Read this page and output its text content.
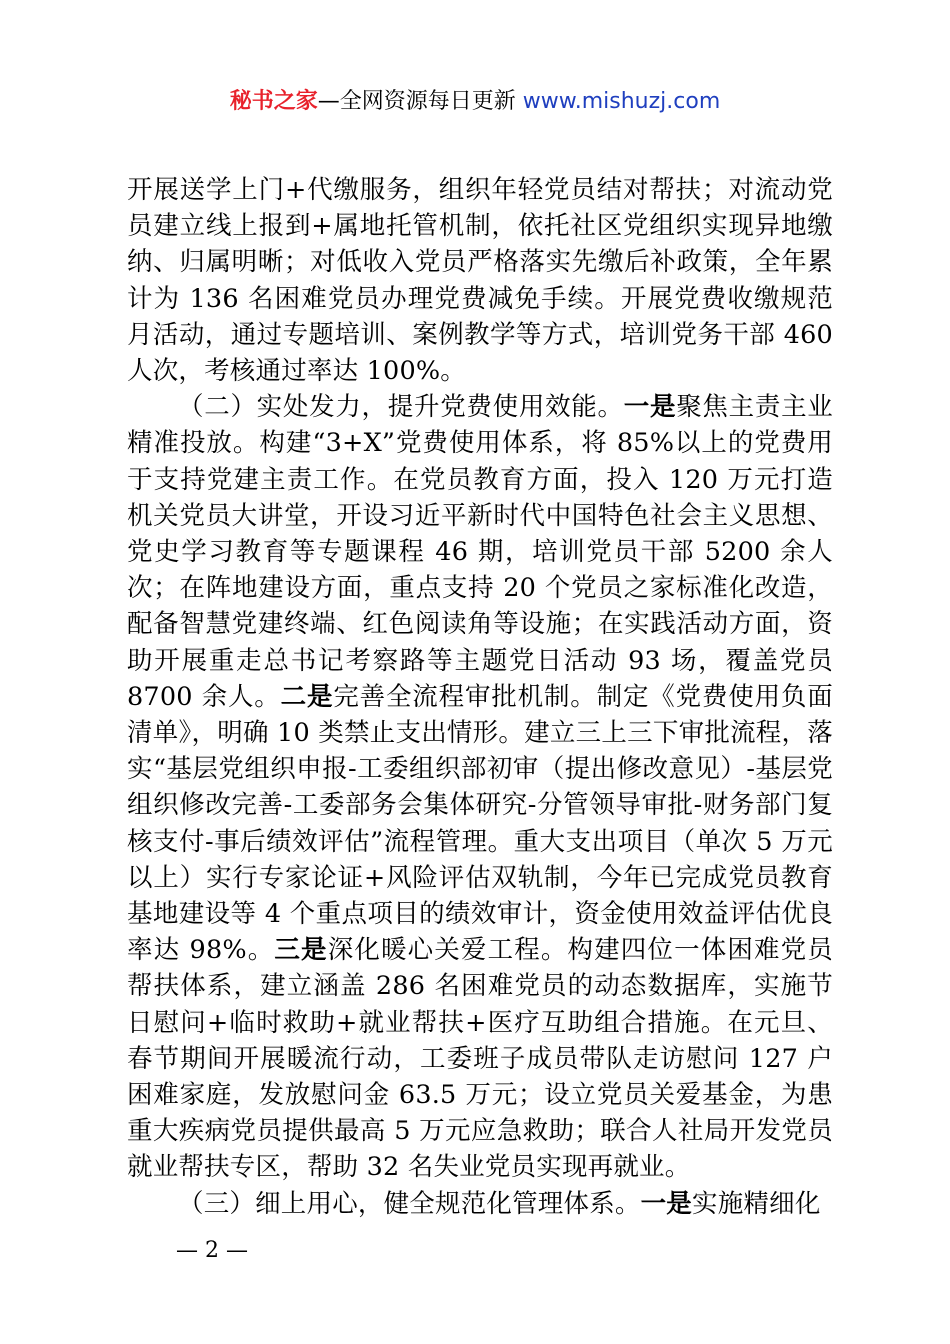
秘书之家—全网资源每日更新 www.mishuzj.com

开展送学上门+代缴服务，组织年轻党员结对帮扶；对流动党员建立线上报到+属地托管机制，依托社区党组织实现异地缴纳、归属明晰；对低收入党员严格落实先缴后补政策，全年累计为 136 名困难党员办理党费减免手续。开展党费收缴规范月活动，通过专题培训、案例教学等方式，培训党务干部 460 人次，考核通过率达 100%。

（二）实处发力，提升党费使用效能。一是聚焦主责主业精准投放。构建“3+X”党费使用体系，将 85%以上的党费用于支持党建主责工作。在党员教育方面，投入 120 万元打造机关党员大讲堂，开设习近平新时代中国特色社会主义思想、党史学习教育等专题课程 46 期，培训党员干部 5200 余人次；在阵地建设方面，重点支持 20 个党员之家标准化改造，配备智慧党建终端、红色阅读角等设施；在实践活动方面，资助开展重走总书记考察路等主题党日活动 93 场，覆盖党员 8700 余人。二是完善全流程审批机制。制定《党费使用负面清单》，明确 10 类禁止支出情形。建立三上三下审批流程，落实“基层党组织申报-工委组织部初审（提出修改意见）-基层党组织修改完善-工委部务会集体研究-分管领导审批-财务部门复核支付-事后绩效评估”流程管理。重大支出项目（单次 5 万元以上）实行专家论证+风险评估双轨制，今年已完成党员教育基地建设等 4 个重点项目的绩效审计，资金使用效益评估优良率达 98%。三是深化暖心关爱工程。构建四位一体困难党员帮扶体系，建立涵盖 286 名困难党员的动态数据库，实施节日慰问+临时救助+就业帮扶+医疗互助组合措施。在元旦、春节期间开展暖流行动，工委班子成员带队走访慰问 127 户困难家庭，发放慰问金 63.5 万元；设立党员关爱基金，为患重大疾病党员提供最高 5 万元应急救助；联合人社局开发党员就业帮扶专区，帮助 32 名失业党员实现再就业。

（三）细上用心，健全规范化管理体系。一是实施精细化

— 2 —
